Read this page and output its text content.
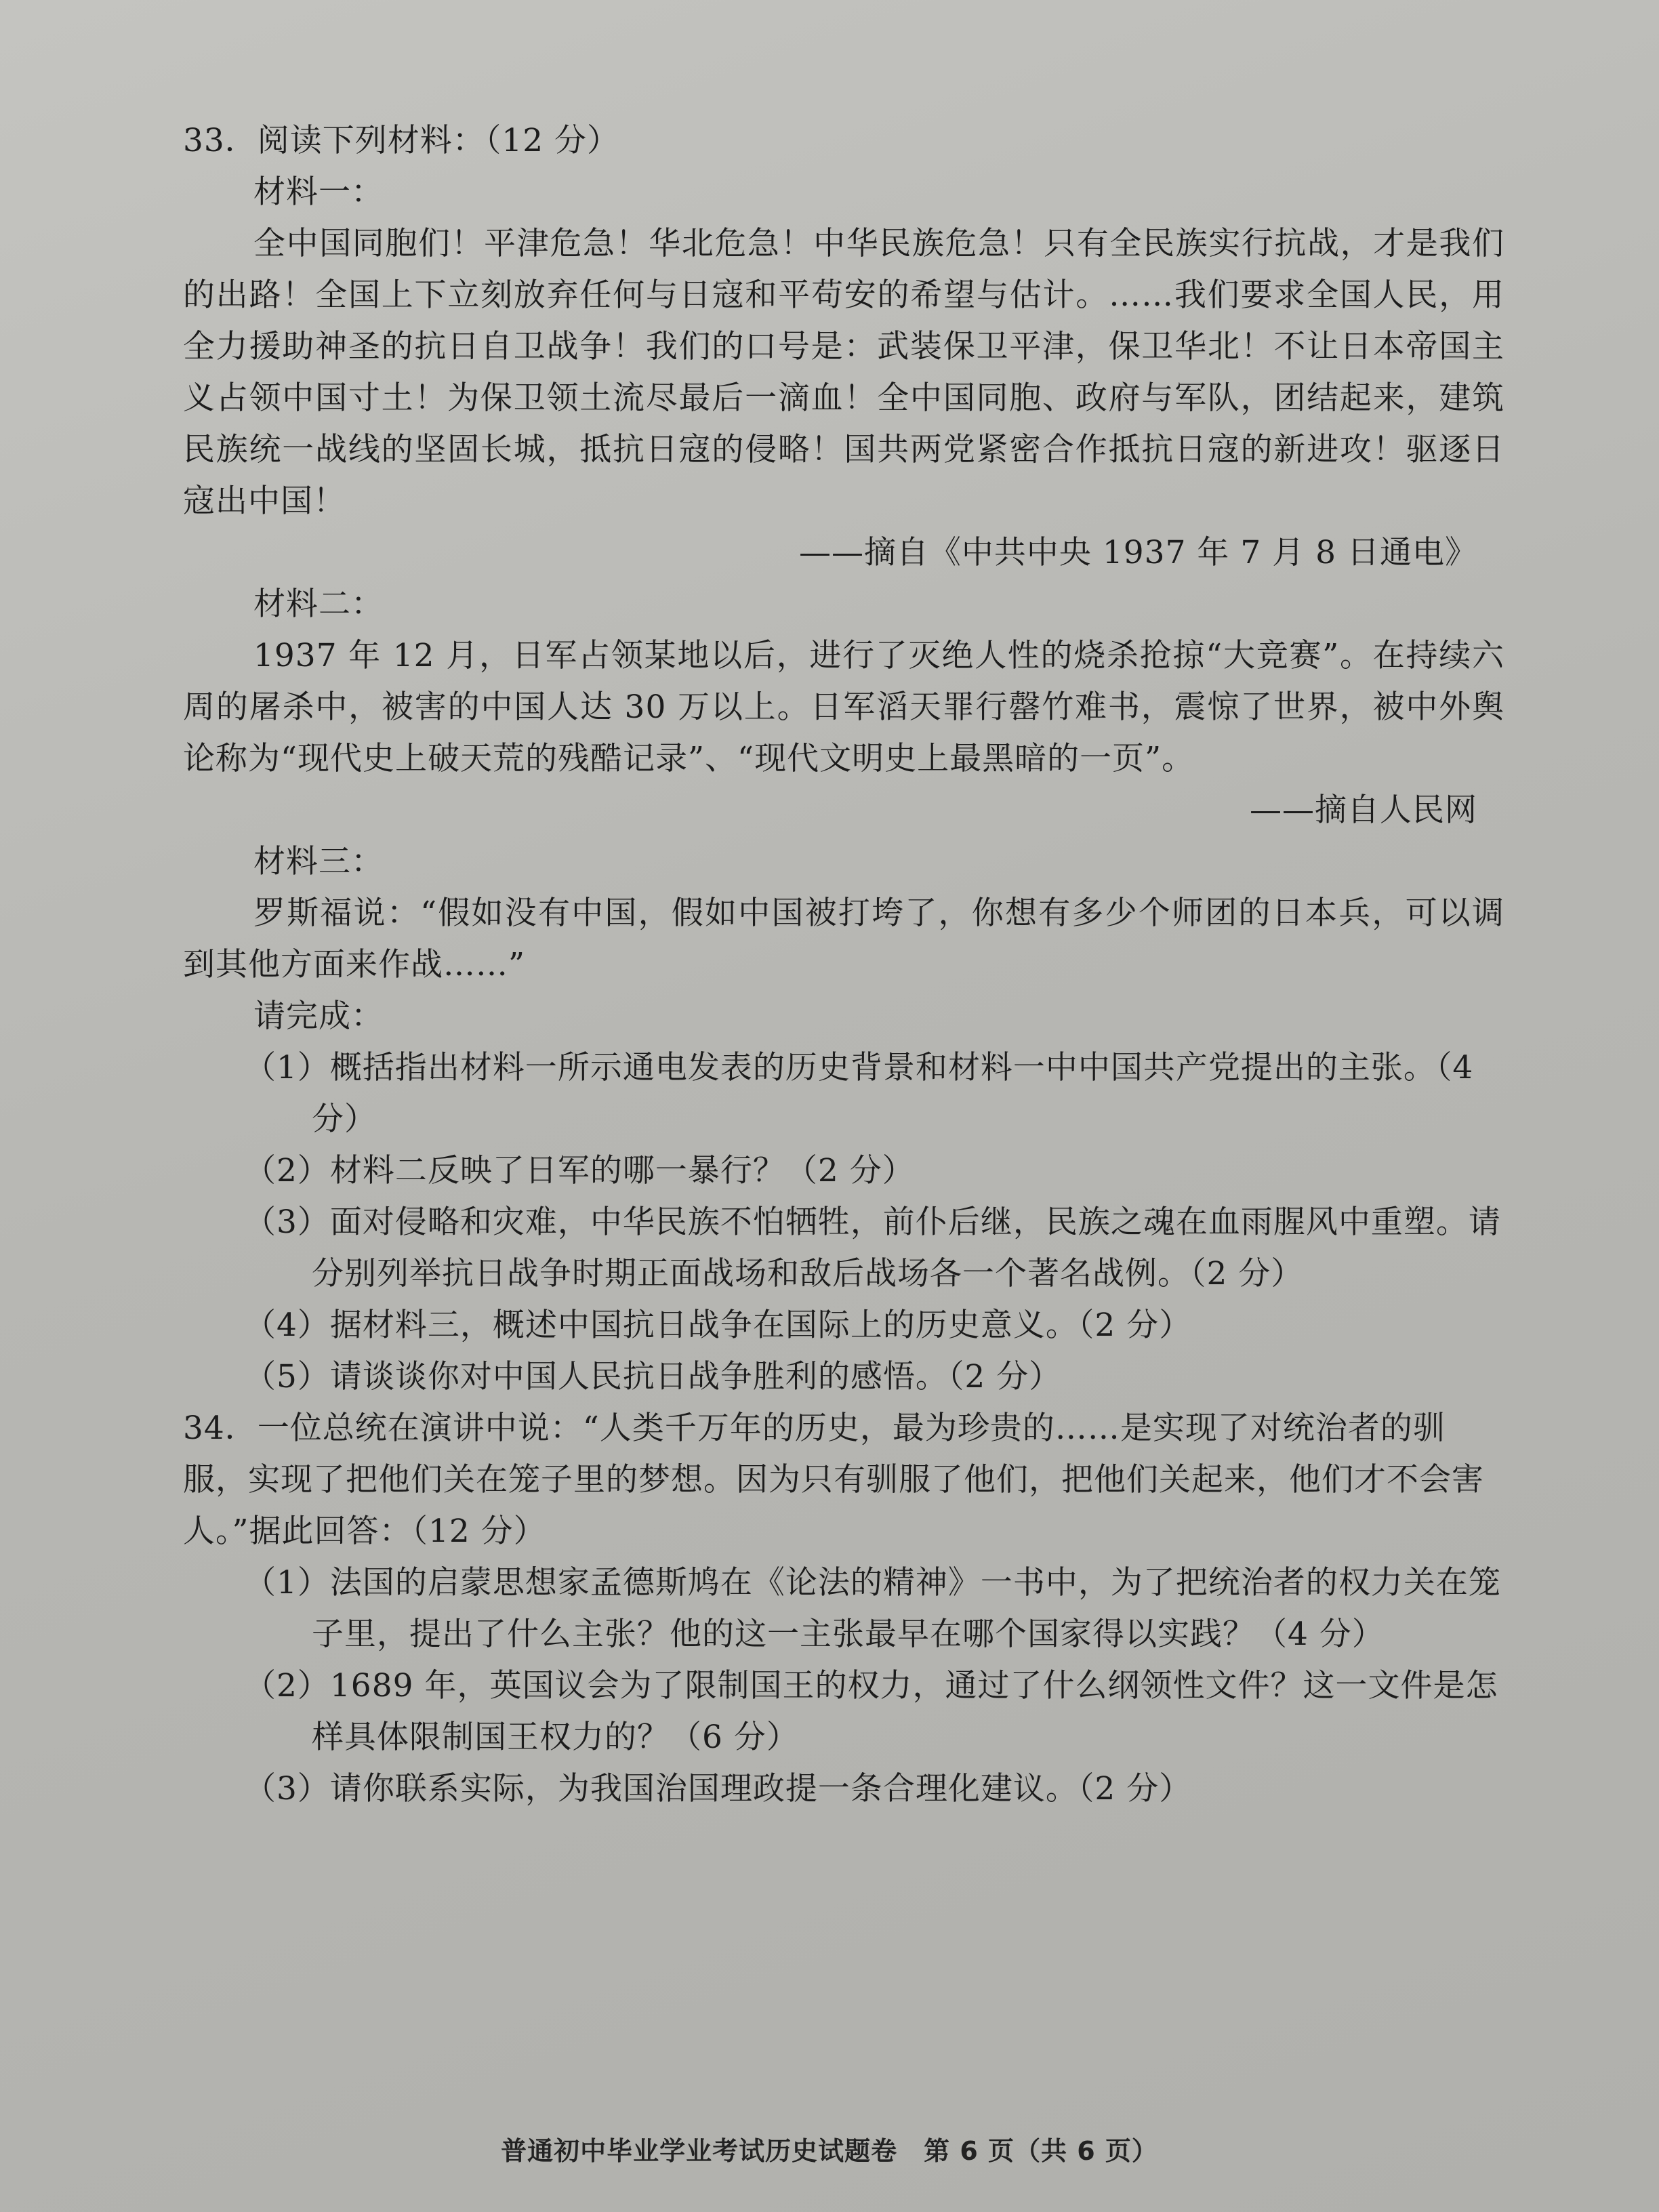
33．阅读下列材料：（12 分）

材料一：

全中国同胞们！平津危急！华北危急！中华民族危急！只有全民族实行抗战，才是我们的出路！全国上下立刻放弃任何与日寇和平苟安的希望与估计。……我们要求全国人民，用全力援助神圣的抗日自卫战争！我们的口号是：武装保卫平津，保卫华北！不让日本帝国主义占领中国寸土！为保卫领土流尽最后一滴血！全中国同胞、政府与军队，团结起来，建筑民族统一战线的坚固长城，抵抗日寇的侵略！国共两党紧密合作抵抗日寇的新进攻！驱逐日寇出中国！

——摘自《中共中央 1937 年 7 月 8 日通电》

材料二：

1937 年 12 月，日军占领某地以后，进行了灭绝人性的烧杀抢掠“大竞赛”。在持续六周的屠杀中，被害的中国人达 30 万以上。日军滔天罪行罄竹难书，震惊了世界，被中外舆论称为“现代史上破天荒的残酷记录”、“现代文明史上最黑暗的一页”。

——摘自人民网

材料三：

罗斯福说：“假如没有中国，假如中国被打垮了，你想有多少个师团的日本兵，可以调到其他方面来作战……”

请完成：

（1）概括指出材料一所示通电发表的历史背景和材料一中中国共产党提出的主张。（4 分）

（2）材料二反映了日军的哪一暴行？（2 分）

（3）面对侵略和灾难，中华民族不怕牺牲，前仆后继，民族之魂在血雨腥风中重塑。请分别列举抗日战争时期正面战场和敌后战场各一个著名战例。（2 分）

（4）据材料三，概述中国抗日战争在国际上的历史意义。（2 分）

（5）请谈谈你对中国人民抗日战争胜利的感悟。（2 分）

34．一位总统在演讲中说：“人类千万年的历史，最为珍贵的……是实现了对统治者的驯服，实现了把他们关在笼子里的梦想。因为只有驯服了他们，把他们关起来，他们才不会害人。”据此回答：（12 分）

（1）法国的启蒙思想家孟德斯鸠在《论法的精神》一书中，为了把统治者的权力关在笼子里，提出了什么主张？他的这一主张最早在哪个国家得以实践？（4 分）

（2）1689 年，英国议会为了限制国王的权力，通过了什么纲领性文件？这一文件是怎样具体限制国王权力的？（6 分）

（3）请你联系实际，为我国治国理政提一条合理化建议。（2 分）

普通初中毕业学业考试历史试题卷　第 6 页（共 6 页）
